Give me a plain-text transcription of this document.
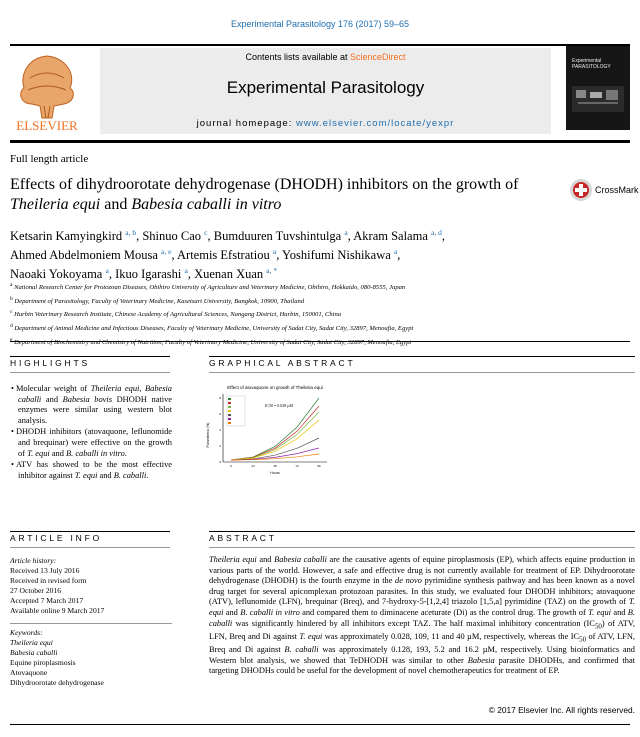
Experimental Parasitology 176 (2017) 59–65
ELSEVIER
Contents lists available at ScienceDirect
Experimental Parasitology
journal homepage: www.elsevier.com/locate/yexpr
Experimental PARASITOLOGY
Full length article
Effects of dihydroorotate dehydrogenase (DHODH) inhibitors on the growth of Theileria equi and Babesia caballi in vitro
CrossMark
Ketsarin Kamyingkird $^{a, b}$, Shinuo Cao $^c$, Bumduuren Tuvshintulga $^a$, Akram Salama $^{a, d}$,
Ahmed Abdelmoniem Mousa $^{a, e}$, Artemis Efstratiou $^a$, Yoshifumi Nishikawa $^a$,
Naoaki Yokoyama $^a$, Ikuo Igarashi $^a$, Xuenan Xuan $^{a, *}$
$^a$ National Research Center for Protozoan Diseases, Obihiro University of Agriculture and Veterinary Medicine, Obihiro, Hokkaido, 080-8555, Japan
$^b$ Department of Parasitology, Faculty of Veterinary Medicine, Kasetsart University, Bangkok, 10900, Thailand
$^c$ Harbin Veterinary Research Institute, Chinese Academy of Agricultural Sciences, Nangang District, Harbin, 150001, China
$^d$ Department of Animal Medicine and Infectious Diseases, Faculty of Veterinary Medicine, University of Sadat City, Sadat City, 32897, Menoufia, Egypt
$^e$ Department of Biochemistry and Chemistry of Nutrition, Faculty of Veterinary Medicine, University of Sadat City, Sadat City, 32897, Menoufia, Egypt
HIGHLIGHTS
• Molecular weight of Theileria equi, Babesia caballi and Babesia bovis DHODH native enzymes were similar using western blot analysis.
• DHODH inhibitors (atovaquone, leflunomide and brequinar) were effective on the growth of T. equi and B. caballi in vitro.
• ATV has showed to be the most effective inhibitor against T. equi and B. caballi.
GRAPHICAL ABSTRACT
Effect of atovaquone on growth of Theileria equi
Parasitemia (%)
IC50 = 0.028 µM
0	24	48	72	96
0
2
4
6
8
Hours
ARTICLE INFO
Article history:
Received 13 July 2016
Received in revised form
27 October 2016
Accepted 7 March 2017
Available online 9 March 2017
Keywords:
Theileria equi
Babesia caballi
Equine piroplasmosis
Atovaquone
Dihydroorotate dehydrogenase
ABSTRACT
Theileria equi and Babesia caballi are the causative agents of equine piroplasmosis (EP), which affects equine production in various parts of the world. However, a safe and effective drug is not currently available for treatment of EP. Dihydroorotate dehydrogenase (DHODH) is the fourth enzyme in the de novo pyrimidine synthesis pathway and has been known as a novel drug target for several apicomplexan protozoan parasites. In this study, we evaluated four DHODH inhibitors; atovaquone (ATV), leflunomide (LFN), brequinar (Breq), and 7-hydroxy-5-[1,2,4] triazolo [1,5,a] pyrimidine (TAZ) on the growth of T. equi and B. caballi in vitro and compared them to diminacene aceturate (Di) as the control drug. The growth of T. equi and B. caballi was significantly hindered by all inhibitors except TAZ. The half maximal inhibitory concentration $(IC_{50})$ of ATV, LFN, Breq and Di against T. equi was approximately 0.028, 109, 11 and 40 µM, respectively, whereas the $IC_{50}$ of ATV, LFN, Breq and Di against B. caballi was approximately 0.128, 193, 5.2 and 16.2 µM, respectively. Using bioinformatics and Western blot analysis, we showed that TeDHODH was similar to other Babesia parasite DHODHs, and confirmed that targeting DHODHs could be useful for the development of novel chemotherapeutics for treatment of EP.
© 2017 Elsevier Inc. All rights reserved.
